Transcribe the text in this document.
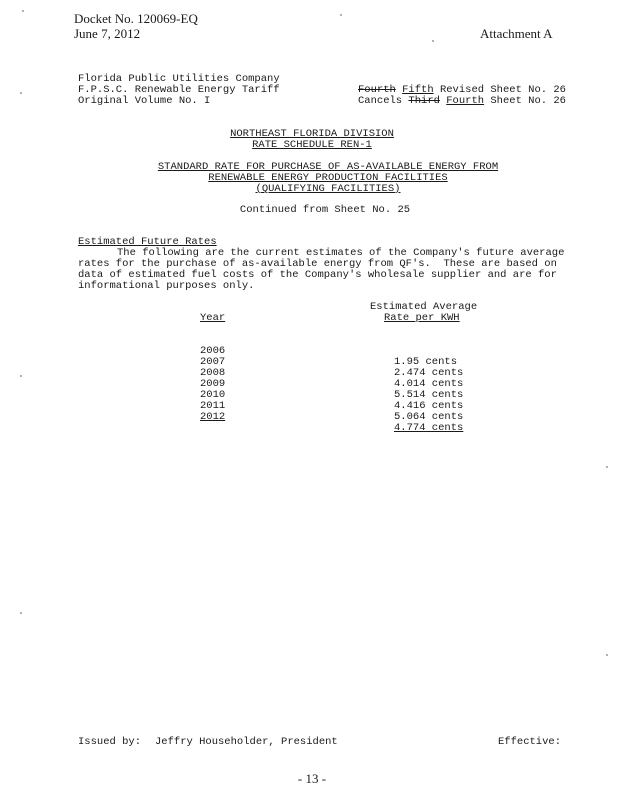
Docket No. 120069-EQ
June 7, 2012	Attachment A
Florida Public Utilities Company
F.P.S.C. Renewable Energy Tariff
Original Volume No. I
Fourth Fifth Revised Sheet No. 26
Cancels Third Fourth Sheet No. 26
NORTHEAST FLORIDA DIVISION
RATE SCHEDULE REN-1
STANDARD RATE FOR PURCHASE OF AS-AVAILABLE ENERGY FROM
RENEWABLE ENERGY PRODUCTION FACILITIES
(QUALIFYING FACILITIES)
Continued from Sheet No. 25
Estimated Future Rates
The following are the current estimates of the Company's future average
rates for the purchase of as-available energy from QF's.  These are based on
data of estimated fuel costs of the Company's wholesale supplier and are for
informational purposes only.
Year
Estimated Average
Rate per KWH

2006

1.95 cents

2007

2.474 cents

2008

4.014 cents

2009

5.514 cents

2010

4.416 cents

2011

5.064 cents

2012

4.774 cents

Issued by: Jeffry Householder, President	Effective:
- 13 -
